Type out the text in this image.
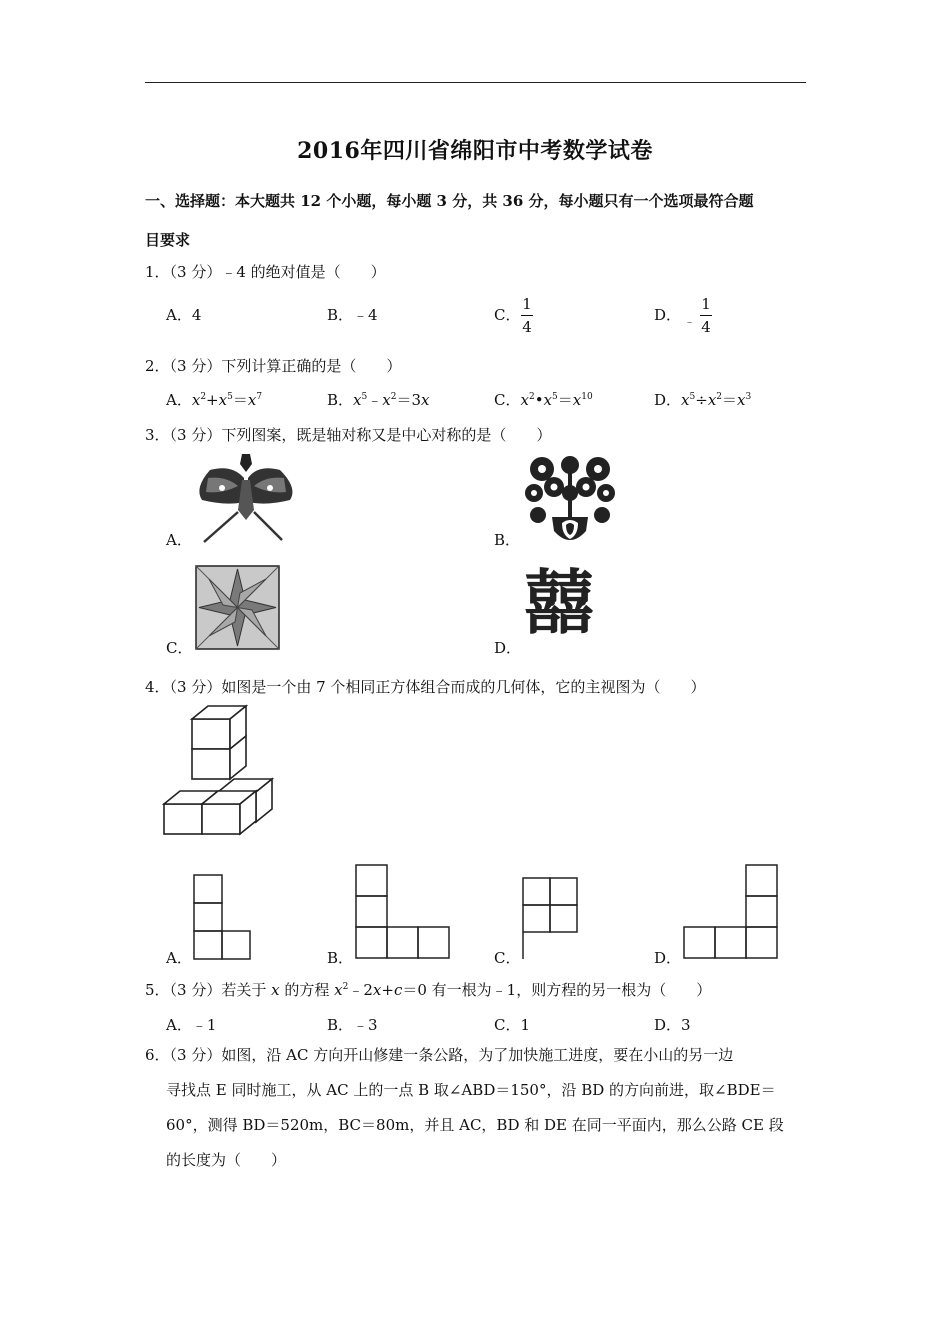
2016年四川省绵阳市中考数学试卷
一、选择题：本大题共 12 个小题，每小题 3 分，共 36 分，每小题只有一个选项最符合题
目要求
1．（3 分）﹣4 的绝对值是（　　）
A．4	B．﹣4	C．
1
4
D． ﹣
1
4
2．（3 分）下列计算正确的是（　　）
A．$x^2+x^5=x^7$	B．$x^5﹣x^2=3x$	C．$x^2•x^5=x^{10}$	D．$x^5\div x^2=x^3$
3．（3 分）下列图案，既是轴对称又是中心对称的是（　　）
A．	B．
C．
囍
D．
4．（3 分）如图是一个由 7 个相同正方体组合而成的几何体，它的主视图为（　　）
A．	B．	C．	D．
5．（3 分）若关于 x 的方程 $x^2﹣2x+c=0$ 有一根为﹣1，则方程的另一根为（　　）
A．﹣1	B．﹣3	C．1	D．3

6．（3 分）如图，沿 AC 方向开山修建一条公路，为了加快施工进度，要在小山的另一边

寻找点 E 同时施工，从 AC 上的一点 B 取∠ABD＝150°，沿 BD 的方向前进，取∠BDE＝

60°，测得 BD＝520m，BC＝80m，并且 AC，BD 和 DE 在同一平面内，那么公路 CE 段

的长度为（　　）
